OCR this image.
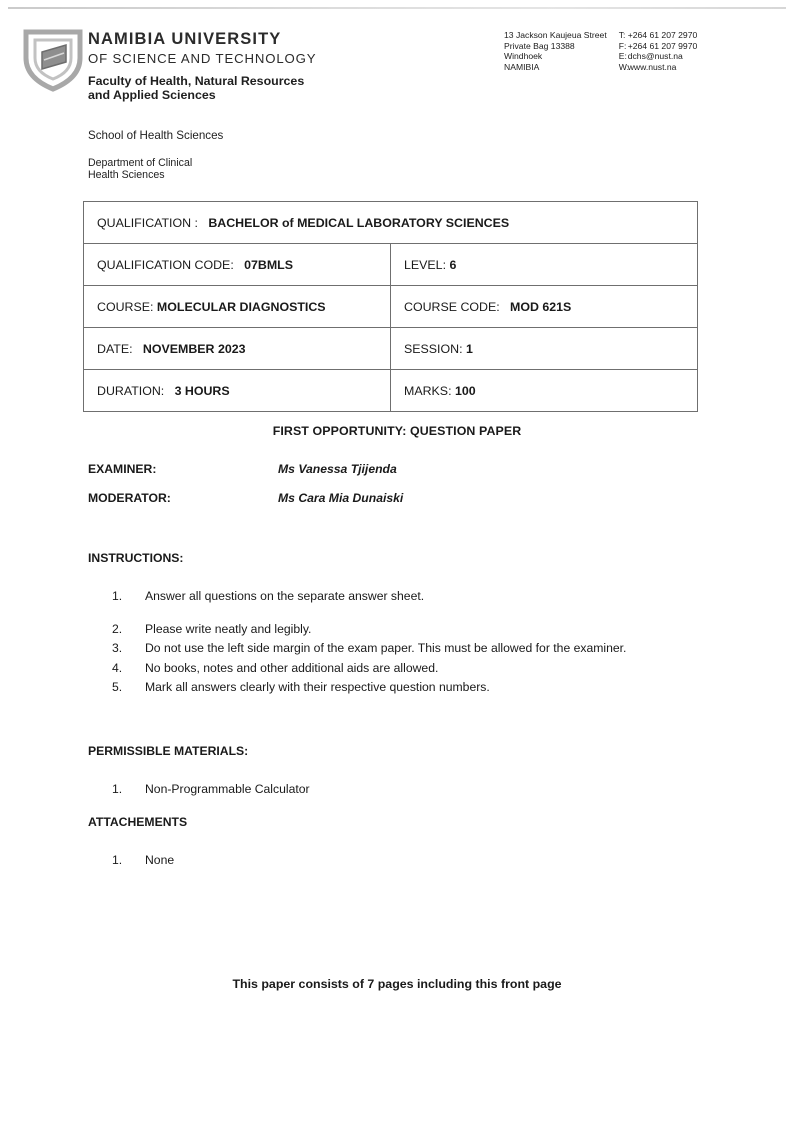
NAMIBIA UNIVERSITY
OF SCIENCE AND TECHNOLOGY
Faculty of Health, Natural Resources and Applied Sciences
School of Health Sciences
Department of Clinical
Health Sciences
13 Jackson Kaujeua Street
Private Bag 13388
Windhoek
NAMIBIA
T: +264 61 207 2970
F:+264 61 207 9970
E:dchs@nust.na
W:www.nust.na
QUALIFICATION : BACHELOR of MEDICAL LABORATORY SCIENCES	
QUALIFICATION CODE: 07BMLS	LEVEL: 6
COURSE: MOLECULAR DIAGNOSTICS	COURSE CODE: MOD 621S
DATE: NOVEMBER 2023	SESSION: 1
DURATION: 3 HOURS	MARKS: 100
FIRST OPPORTUNITY: QUESTION PAPER
EXAMINER:	Ms Vanessa Tjijenda
MODERATOR:	Ms Cara Mia Dunaiski
INSTRUCTIONS:
1.	Answer all questions on the separate answer sheet.
2.	Please write neatly and legibly.
3.	Do not use the left side margin of the exam paper. This must be allowed for the examiner.
4.	No books, notes and other additional aids are allowed.
5.	Mark all answers clearly with their respective question numbers.
PERMISSIBLE MATERIALS:
1.	Non-Programmable Calculator
ATTACHEMENTS
1.	None
This paper consists of 7 pages including this front page
